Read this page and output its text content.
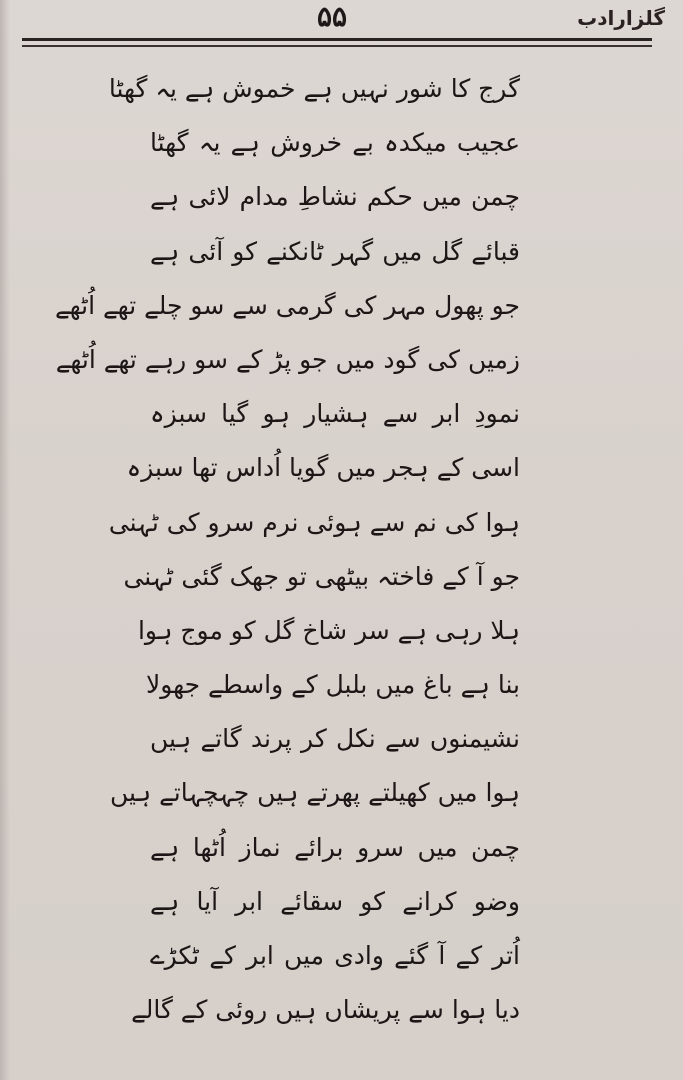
گلزارادب
۵۵
گرج کا شور نہیں ہے خموش ہے یہ گھٹا
عجیب میکدہ بے خروش ہے یہ گھٹا
چمن میں حکم نشاطِ مدام لائی ہے
قبائے گل میں گہر ٹانکنے کو آئی ہے
جو پھول مہر کی گرمی سے سو چلے تھے اُٹھے
زمیں کی گود میں جو پڑ کے سو رہے تھے اُٹھے
نمودِ ابر سے ہشیار ہو گیا سبزہ
اسی کے ہجر میں گویا اُداس تھا سبزہ
ہوا کی نم سے ہوئی نرم سرو کی ٹہنی
جو آ کے فاختہ بیٹھی تو جھک گئی ٹہنی
ہلا رہی ہے سر شاخ گل کو موج ہوا
بنا ہے باغ میں بلبل کے واسطے جھولا
نشیمنوں سے نکل کر پرند گاتے ہیں
ہوا میں کھیلتے پھرتے ہیں چہچہاتے ہیں
چمن میں سرو برائے نماز اُٹھا ہے
وضو کرانے کو سقائے ابر آیا ہے
اُتر کے آ گئے وادی میں ابر کے ٹکڑے
دیا ہوا سے پریشاں ہیں روئی کے گالے
